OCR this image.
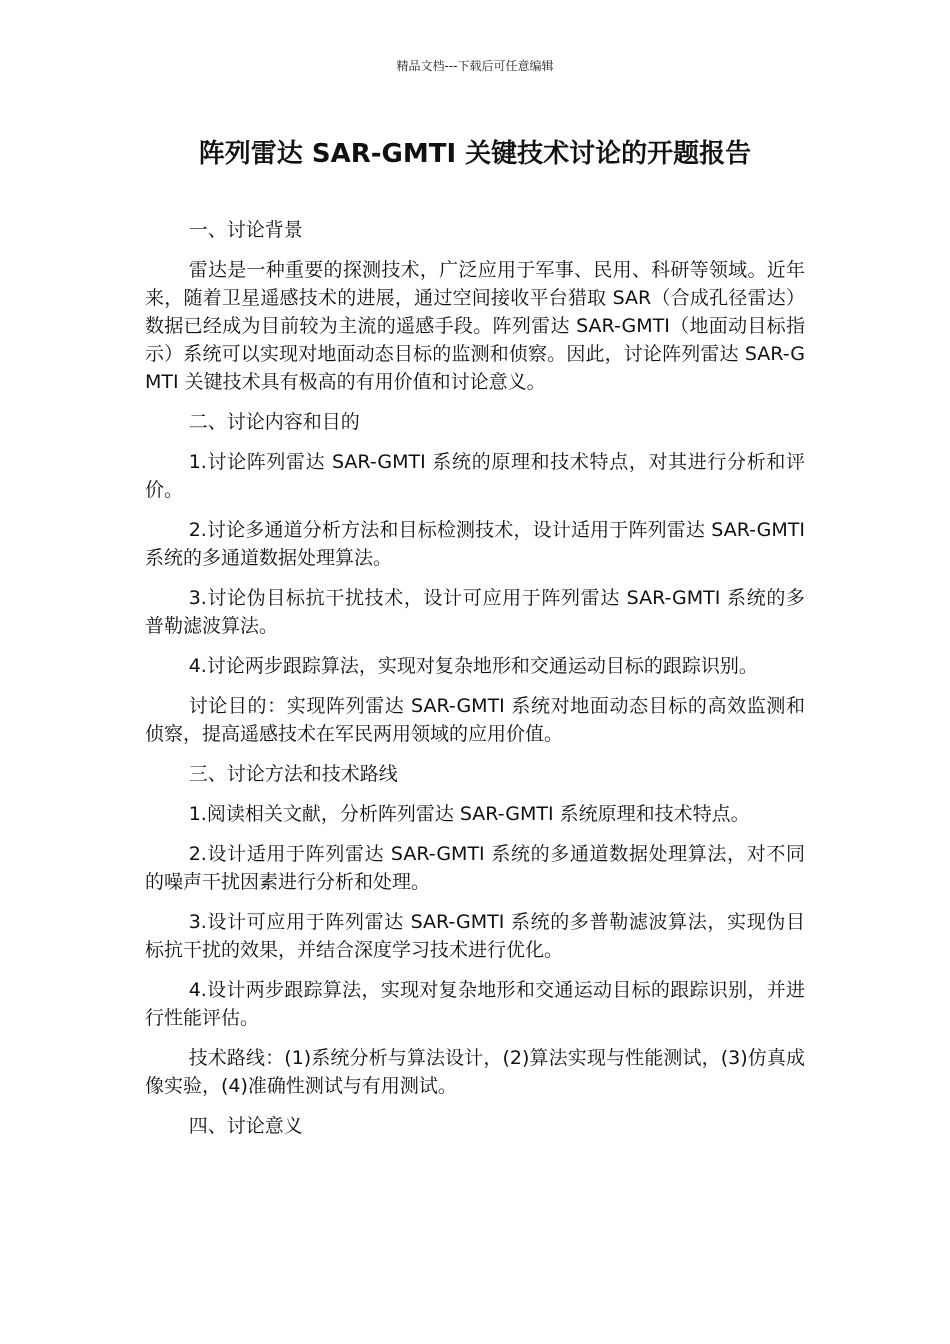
精品文档---下载后可任意编辑
阵列雷达 SAR-GMTI 关键技术讨论的开题报告

一、讨论背景

雷达是一种重要的探测技术，广泛应用于军事、民用、科研等领域。近年来，随着卫星遥感技术的进展，通过空间接收平台猎取 SAR（合成孔径雷达）数据已经成为目前较为主流的遥感手段。阵列雷达 SAR-GMTI（地面动目标指示）系统可以实现对地面动态目标的监测和侦察。因此，讨论阵列雷达 SAR-GMTI 关键技术具有极高的有用价值和讨论意义。

二、讨论内容和目的

1.讨论阵列雷达 SAR-GMTI 系统的原理和技术特点，对其进行分析和评价。

2.讨论多通道分析方法和目标检测技术，设计适用于阵列雷达 SAR-GMTI 系统的多通道数据处理算法。

3.讨论伪目标抗干扰技术，设计可应用于阵列雷达 SAR-GMTI 系统的多普勒滤波算法。

4.讨论两步跟踪算法，实现对复杂地形和交通运动目标的跟踪识别。

讨论目的：实现阵列雷达 SAR-GMTI 系统对地面动态目标的高效监测和侦察，提高遥感技术在军民两用领域的应用价值。

三、讨论方法和技术路线

1.阅读相关文献，分析阵列雷达 SAR-GMTI 系统原理和技术特点。

2.设计适用于阵列雷达 SAR-GMTI 系统的多通道数据处理算法，对不同的噪声干扰因素进行分析和处理。

3.设计可应用于阵列雷达 SAR-GMTI 系统的多普勒滤波算法，实现伪目标抗干扰的效果，并结合深度学习技术进行优化。

4.设计两步跟踪算法，实现对复杂地形和交通运动目标的跟踪识别，并进行性能评估。

技术路线：(1)系统分析与算法设计，(2)算法实现与性能测试，(3)仿真成像实验，(4)准确性测试与有用测试。

四、讨论意义
